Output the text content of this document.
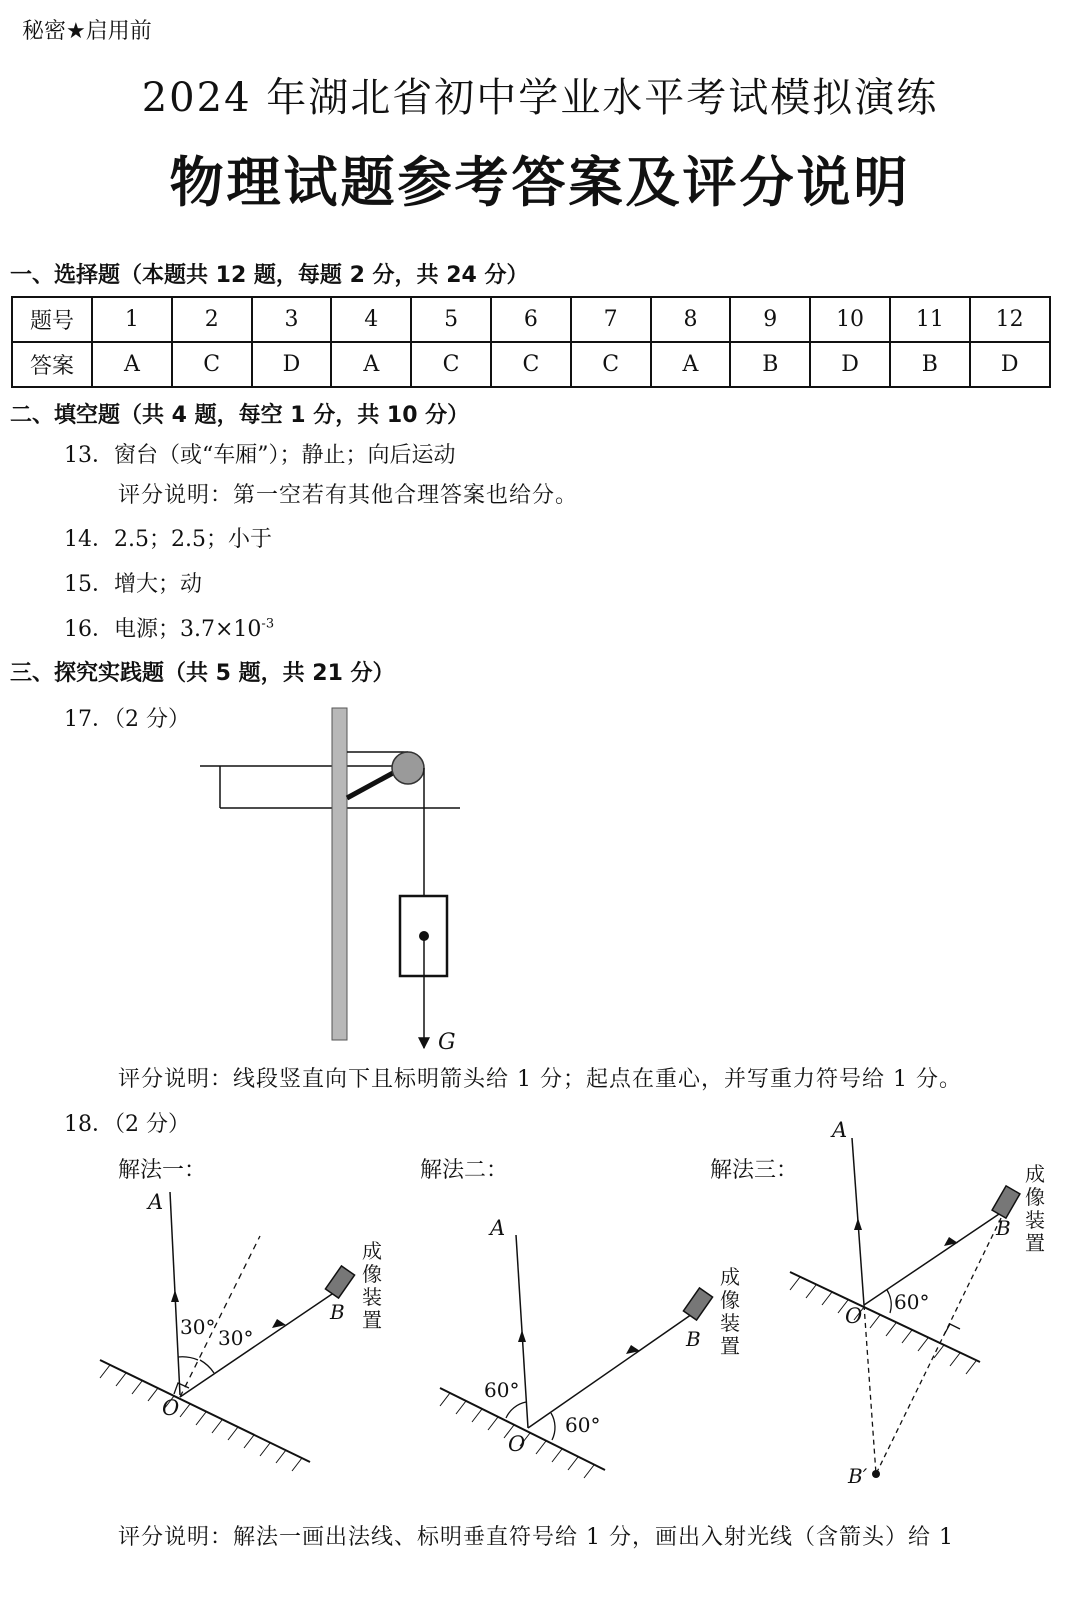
秘密★启用前
2024 年湖北省初中学业水平考试模拟演练
物理试题参考答案及评分说明
一、选择题（本题共 12 题，每题 2 分，共 24 分）
题号	1	2	3	4	5	6	7	8	9	10	11	12
答案	A	C	D	A	C	C	C	A	B	D	B	D
二、填空题（共 4 题，每空 1 分，共 10 分）
13．窗台（或“车厢”）；静止；向后运动
评分说明：第一空若有其他合理答案也给分。
14．2.5；2.5；小于
15．增大；动
16．电源；$3.7\times 10^{-3}$
三、探究实践题（共 5 题，共 21 分）
17．（2 分）
G
评分说明：线段竖直向下且标明箭头给 1 分；起点在重心，并写重力符号给 1 分。
18．（2 分）
解法一：	解法二：	解法三：
A
30° 30°
O
B
成像装置
A
60°
60°
O
B
成像装置
A
60°
O
B
B′
成像装置
评分说明：解法一画出法线、标明垂直符号给 1 分，画出入射光线（含箭头）给 1
